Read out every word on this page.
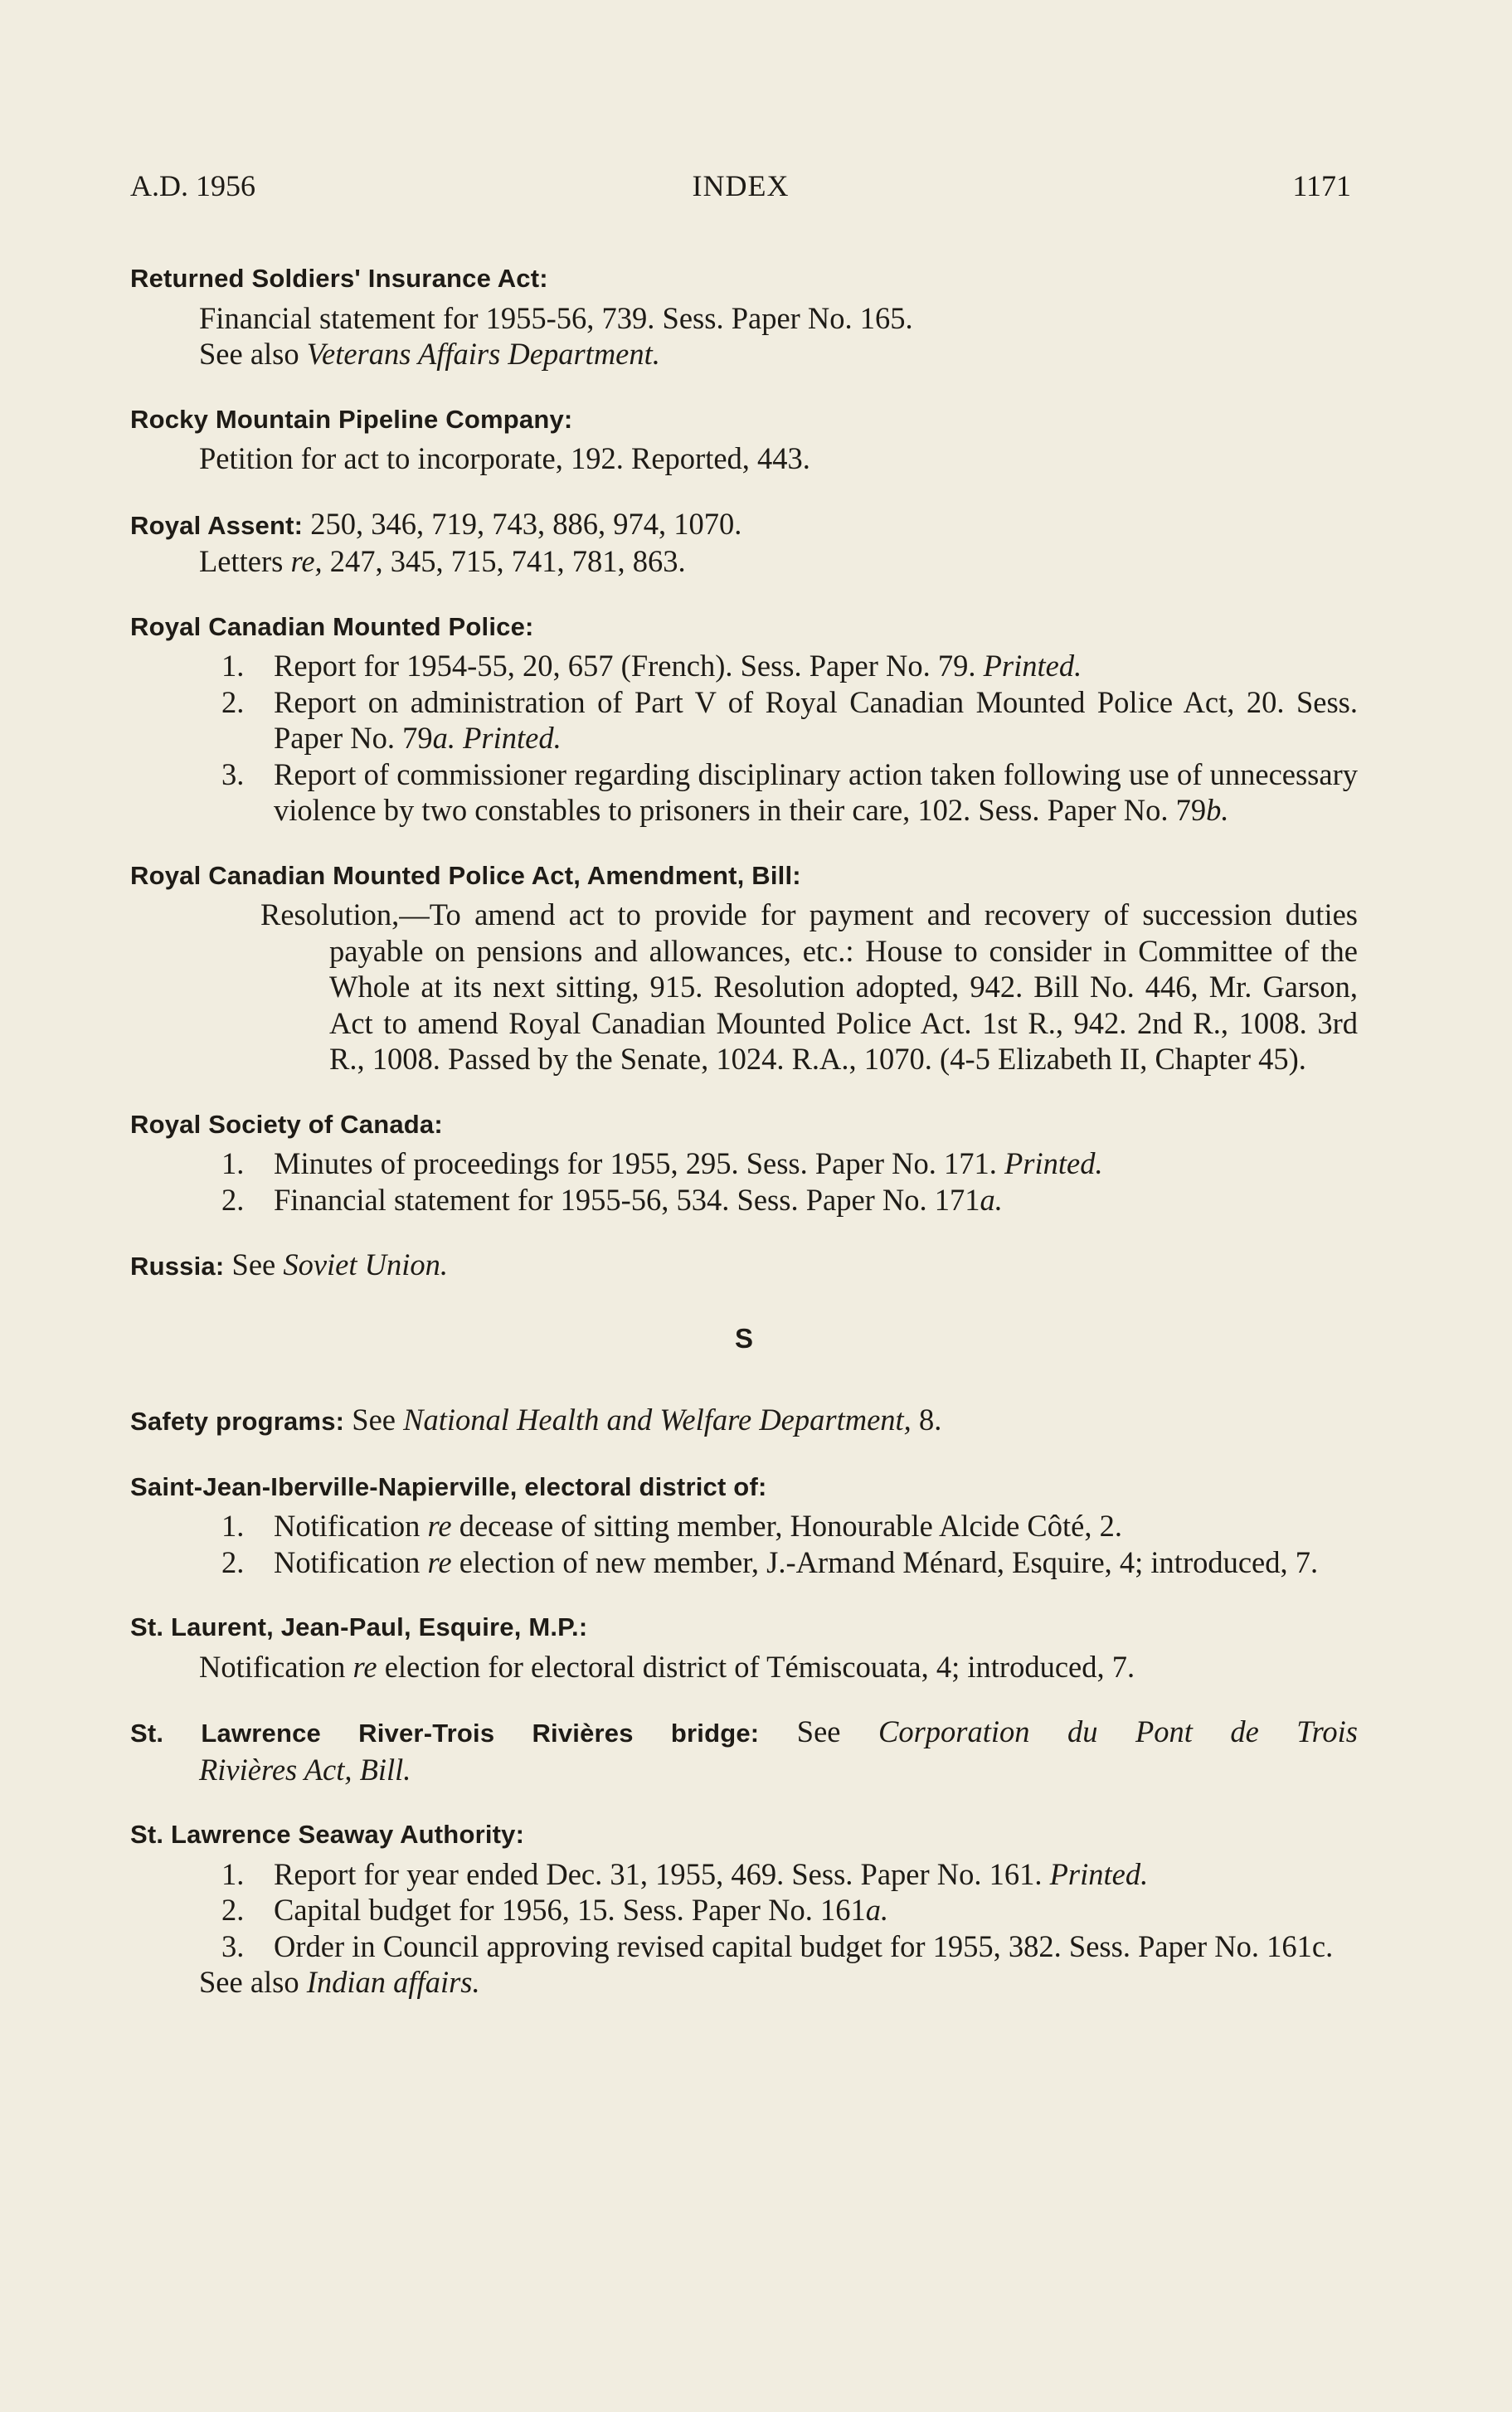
A.D. 1956	INDEX	1171
Returned Soldiers' Insurance Act:
Financial statement for 1955-56, 739. Sess. Paper No. 165.
See also Veterans Affairs Department.
Rocky Mountain Pipeline Company:
Petition for act to incorporate, 192. Reported, 443.
Royal Assent: 250, 346, 719, 743, 886, 974, 1070.
Letters re, 247, 345, 715, 741, 781, 863.
Royal Canadian Mounted Police:
1. Report for 1954-55, 20, 657 (French). Sess. Paper No. 79. Printed.
2. Report on administration of Part V of Royal Canadian Mounted Police Act, 20. Sess. Paper No. 79a. Printed.
3. Report of commissioner regarding disciplinary action taken following use of unnecessary violence by two constables to prisoners in their care, 102. Sess. Paper No. 79b.
Royal Canadian Mounted Police Act, Amendment, Bill:
Resolution,—To amend act to provide for payment and recovery of succession duties payable on pensions and allowances, etc.: House to consider in Committee of the Whole at its next sitting, 915. Resolution adopted, 942. Bill No. 446, Mr. Garson, Act to amend Royal Canadian Mounted Police Act. 1st R., 942. 2nd R., 1008. 3rd R., 1008. Passed by the Senate, 1024. R.A., 1070. (4-5 Elizabeth II, Chapter 45).
Royal Society of Canada:
1. Minutes of proceedings for 1955, 295. Sess. Paper No. 171. Printed.
2. Financial statement for 1955-56, 534. Sess. Paper No. 171a.
Russia: See Soviet Union.
S
Safety programs: See National Health and Welfare Department, 8.
Saint-Jean-Iberville-Napierville, electoral district of:
1. Notification re decease of sitting member, Honourable Alcide Côté, 2.
2. Notification re election of new member, J.-Armand Ménard, Esquire, 4; introduced, 7.
St. Laurent, Jean-Paul, Esquire, M.P.:
Notification re election for electoral district of Témiscouata, 4; introduced, 7.
St. Lawrence River-Trois Rivières bridge: See Corporation du Pont de Trois
Rivières Act, Bill.
St. Lawrence Seaway Authority:
1. Report for year ended Dec. 31, 1955, 469. Sess. Paper No. 161. Printed.
2. Capital budget for 1956, 15. Sess. Paper No. 161a.
3. Order in Council approving revised capital budget for 1955, 382. Sess. Paper No. 161c.
See also Indian affairs.
